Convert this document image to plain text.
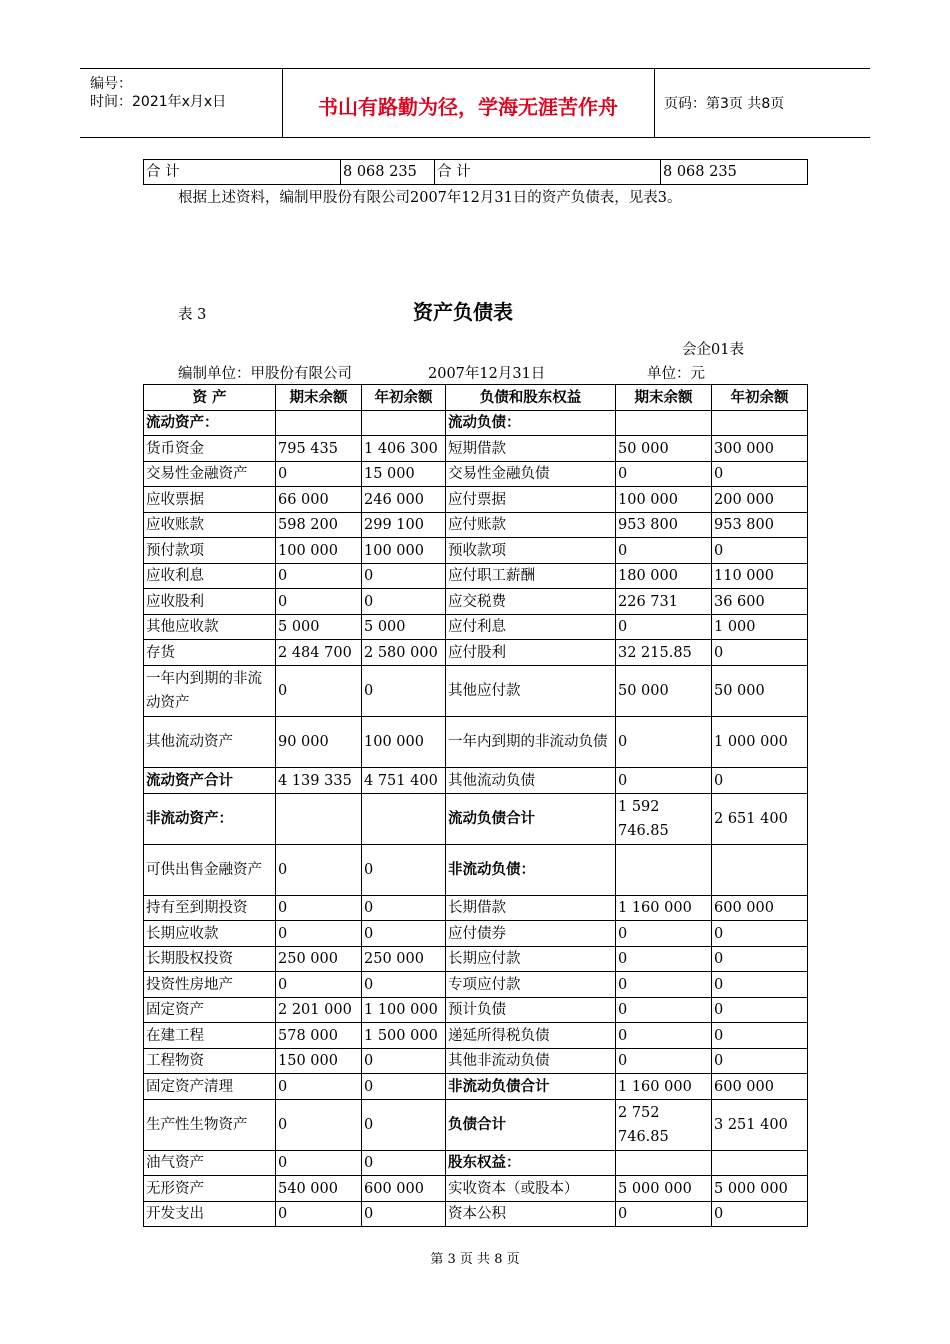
编号：
时间：2021年x月x日	书山有路勤为径，学海无涯苦作舟	页码：第3页 共8页
合 计	8 068 235	合 计	8 068 235
根据上述资料，编制甲股份有限公司2007年12月31日的资产负债表，见表3。
表 3	资产负债表
会企01表
编制单位：甲股份有限公司	2007年12月31日	单位：元
资 产	期末余额	年初余额	负债和股东权益	期末余额	年初余额
流动资产：			流动负债：		
货币资金	795 435	1 406 300	短期借款	50 000	300 000
交易性金融资产	0	15 000	交易性金融负债	0	0
应收票据	66 000	246 000	应付票据	100 000	200 000
应收账款	598 200	299 100	应付账款	953 800	953 800
预付款项	100 000	100 000	预收款项	0	0
应收利息	0	0	应付职工薪酬	180 000	110 000
应收股利	0	0	应交税费	226 731	36 600
其他应收款	5 000	5 000	应付利息	0	1 000
存货	2 484 700	2 580 000	应付股利	32 215.85	0
一年内到期的非流动资产	0	0	其他应付款	50 000	50 000
其他流动资产	90 000	100 000	一年内到期的非流动负债	0	1 000 000
流动资产合计	4 139 335	4 751 400	其他流动负债	0	0
非流动资产：			流动负债合计	1 592 746.85	2 651 400
可供出售金融资产	0	0	非流动负债：		
持有至到期投资	0	0	长期借款	1 160 000	600 000
长期应收款	0	0	应付债券	0	0
长期股权投资	250 000	250 000	长期应付款	0	0
投资性房地产	0	0	专项应付款	0	0
固定资产	2 201 000	1 100 000	预计负债	0	0
在建工程	578 000	1 500 000	递延所得税负债	0	0
工程物资	150 000	0	其他非流动负债	0	0
固定资产清理	0	0	非流动负债合计	1 160 000	600 000
生产性生物资产	0	0	负债合计	2 752 746.85	3 251 400
油气资产	0	0	股东权益：		
无形资产	540 000	600 000	实收资本（或股本）	5 000 000	5 000 000
开发支出	0	0	资本公积	0	0
第 3 页 共 8 页
